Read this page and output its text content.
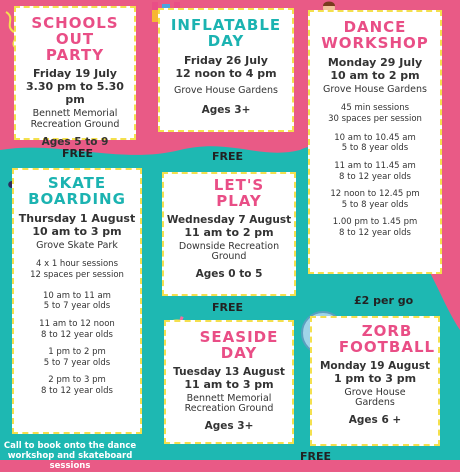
SCHOOLS OUT
PARTY
Friday 19 July
3.30 pm to 5.30 pm
Bennett Memorial
Recreation Ground
Ages 5 to 9
INFLATABLE
DAY
Friday 26 July
12 noon to 4 pm
Grove House Gardens
Ages 3+
DANCE
WORKSHOP
Monday 29 July
10 am to 2 pm
Grove House Gardens
45 min sessions
30 spaces per session
10 am to 10.45 am
5 to 8 year olds
11 am to 11.45 am
8 to 12 year olds
12 noon to 12.45 pm
5 to 8 year olds
1.00 pm to 1.45 pm
8 to 12 year olds
FREE	FREE
FREE
FREE
£2 per go
SKATE
BOARDING
Thursday 1 August
10 am to 3 pm
Grove Skate Park
4 x 1 hour sessions
12 spaces per session
10 am to 11 am
5 to 7 year olds
11 am to 12 noon
8 to 12 year olds
1 pm to 2 pm
5 to 7 year olds
2 pm to 3 pm
8 to 12 year olds
LET'S
PLAY
Wednesday 7 August
11 am to 2 pm
Downside Recreation
Ground
Ages 0 to 5
SEASIDE
DAY
Tuesday 13 August
11 am to 3 pm
Bennett Memorial
Recreation Ground
Ages 3+
ZORB
FOOTBALL
Monday 19 August
1 pm to 3 pm
Grove House
Gardens
Ages 6 +
Call to book onto the dance
workshop and skateboard sessions
